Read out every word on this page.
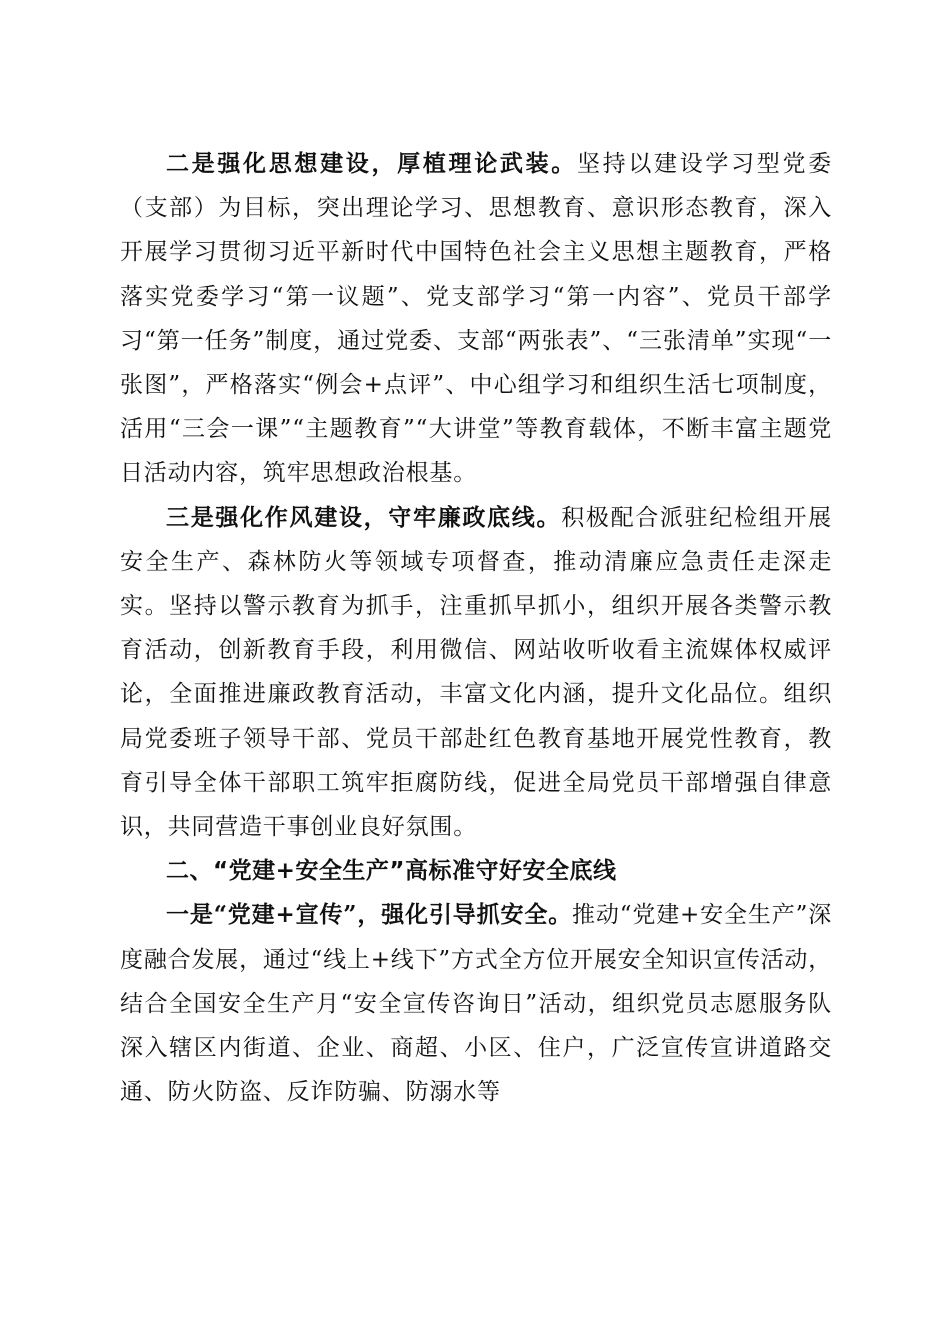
二是强化思想建设，厚植理论武装。坚持以建设学习型党委（支部）为目标，突出理论学习、思想教育、意识形态教育，深入开展学习贯彻习近平新时代中国特色社会主义思想主题教育，严格落实党委学习“第一议题”、党支部学习“第一内容”、党员干部学习“第一任务”制度，通过党委、支部“两张表”、“三张清单”实现“一张图”，严格落实“例会+点评”、中心组学习和组织生活七项制度，活用“三会一课”“主题教育”“大讲堂”等教育载体，不断丰富主题党日活动内容，筑牢思想政治根基。

三是强化作风建设，守牢廉政底线。积极配合派驻纪检组开展安全生产、森林防火等领域专项督查，推动清廉应急责任走深走实。坚持以警示教育为抓手，注重抓早抓小，组织开展各类警示教育活动，创新教育手段，利用微信、网站收听收看主流媒体权威评论，全面推进廉政教育活动，丰富文化内涵，提升文化品位。组织局党委班子领导干部、党员干部赴红色教育基地开展党性教育，教育引导全体干部职工筑牢拒腐防线，促进全局党员干部增强自律意识，共同营造干事创业良好氛围。

二、“党建+安全生产”高标准守好安全底线

一是“党建+宣传”，强化引导抓安全。推动“党建+安全生产”深度融合发展，通过“线上+线下”方式全方位开展安全知识宣传活动，结合全国安全生产月“安全宣传咨询日”活动，组织党员志愿服务队深入辖区内街道、企业、商超、小区、住户，广泛宣传宣讲道路交通、防火防盗、反诈防骗、防溺水等
